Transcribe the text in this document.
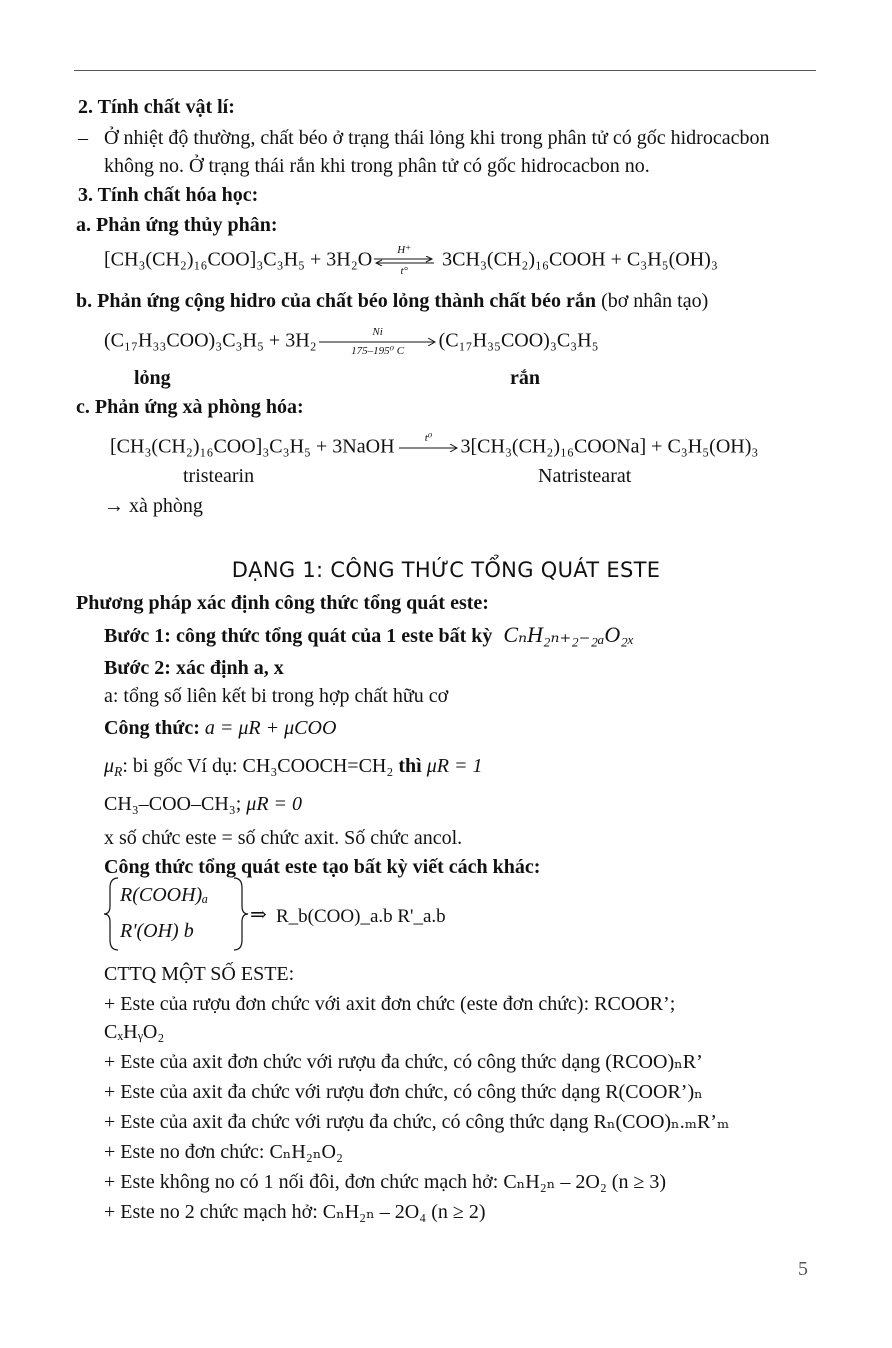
2. Tính chất vật lí:
– Ở nhiệt độ thường, chất béo ở trạng thái lỏng khi trong phân tử có gốc hidrocacbon
không no. Ở trạng thái rắn khi trong phân tử có gốc hidrocacbon no.
3. Tính chất hóa học:
a. Phản ứng thủy phân:
[CH₃(CH₂)₁₆COO]₃C₃H₅ + 3H₂O	H⁺
t°
3CH₃(CH₂)₁₆COOH + C₃H₅(OH)₃
b. Phản ứng cộng hidro của chất béo lỏng thành chất béo rắn (bơ nhân tạo)
(C₁₇H₃₃COO)₃C₃H₅ + 3H₂	Ni
175–195⁰ C	(C₁₇H₃₅COO)₃C₃H₅
lỏng	rắn
c. Phản ứng xà phòng hóa:
[CH₃(CH₂)₁₆COO]₃C₃H₅ + 3NaOH	t⁰	3[CH₃(CH₂)₁₆COONa] + C₃H₅(OH)₃
tristearin	Natristearat
→ xà phòng
DẠNG 1: CÔNG THỨC TỔNG QUÁT ESTE
Phương pháp xác định công thức tổng quát este:
Bước 1: công thức tổng quát của 1 este bất kỳ CₙH₂ₙ₊₂₋₂ₐO₂ₓ
Bước 2: xác định a, x
a: tổng số liên kết bi trong hợp chất hữu cơ
Công thức: a = μR + μCOO
$\mu_R$: bi gốc Ví dụ: CH₃COOCH=CH₂ thì μR = 1
CH₃–COO–CH₃; μR = 0
x số chức este = số chức axit. Số chức ancol.
Công thức tổng quát este tạo bất kỳ viết cách khác:
R(COOH)ₐ
R'(OH) b
⇒ R_b(COO)_a.b R'_a.b
CTTQ MỘT SỐ ESTE:
+ Este của rượu đơn chức với axit đơn chức (este đơn chức): RCOOR’;
CₓHᵧO₂
+ Este của axit đơn chức với rượu đa chức, có công thức dạng (RCOO)ₙR’
+ Este của axit đa chức với rượu đơn chức, có công thức dạng R(COOR’)ₙ
+ Este của axit đa chức với rượu đa chức, có công thức dạng Rₙ(COO)ₙ.ₘR’ₘ
+ Este no đơn chức: CₙH₂ₙO₂
+ Este không no có 1 nối đôi, đơn chức mạch hở: CₙH₂ₙ – 2O₂ (n ≥ 3)
+ Este no 2 chức mạch hở: CₙH₂ₙ – 2O₄ (n ≥ 2)
5
